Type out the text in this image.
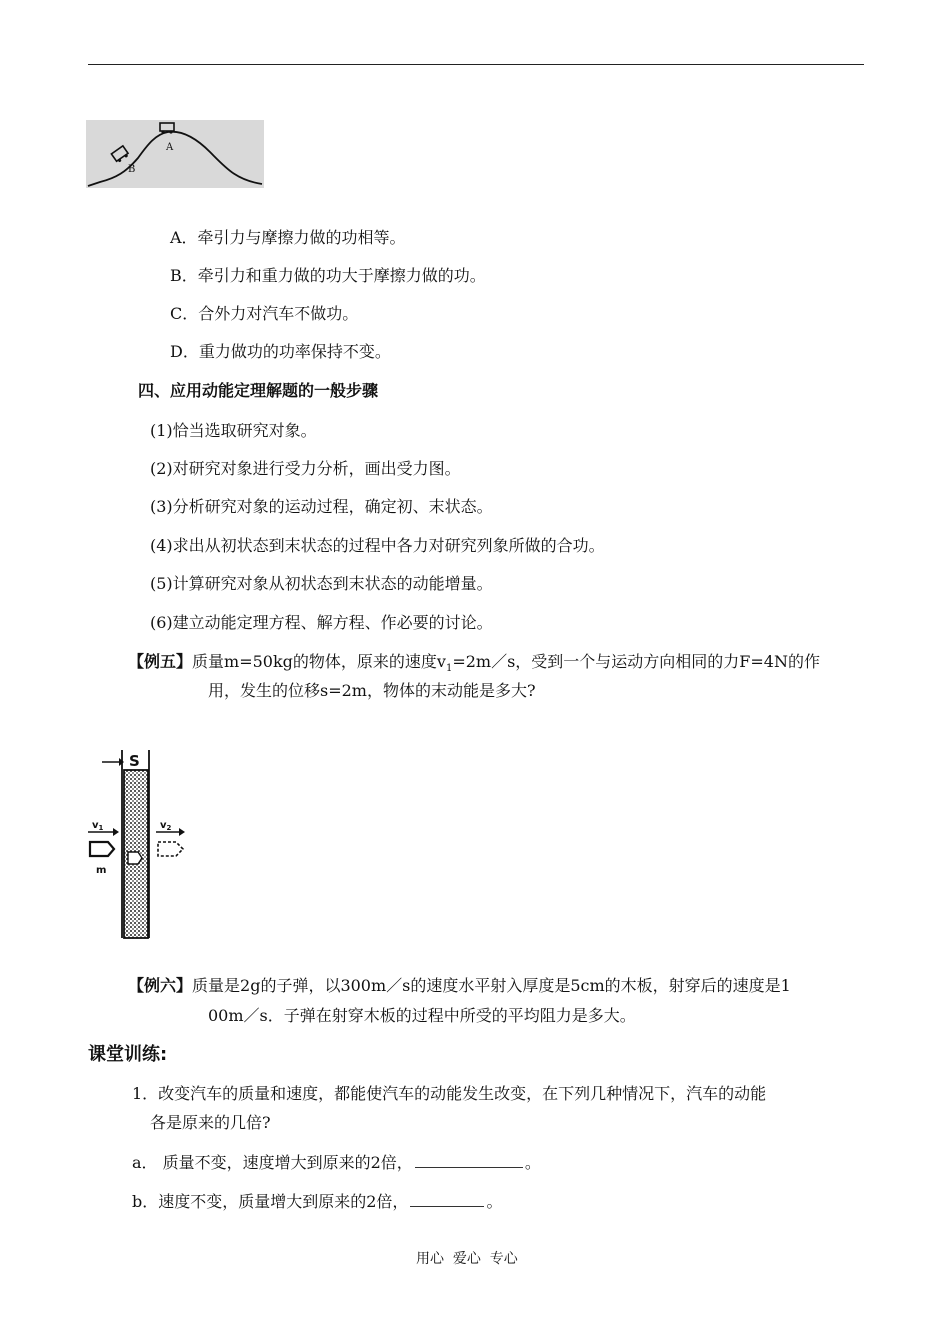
A
B
A．牵引力与摩擦力做的功相等。
B．牵引力和重力做的功大于摩擦力做的功。
C．合外力对汽车不做功。
D．重力做功的功率保持不变。
四、应用动能定理解题的一般步骤
(1)恰当选取研究对象。
(2)对研究对象进行受力分析，画出受力图。
(3)分析研究对象的运动过程，确定初、末状态。
(4)求出从初状态到末状态的过程中各力对研究列象所做的合功。
(5)计算研究对象从初状态到末状态的动能增量。
(6)建立动能定理方程、解方程、作必要的讨论。
【例五】质量m=50kg的物体，原来的速度$v_1=2m/s$，受到一个与运动方向相同的力F=4N的作
用，发生的位移s=2m，物体的末动能是多大?
S
$v_1$
m
$v_2$
【例六】质量是2g的子弹，以300m／s的速度水平射入厚度是5cm的木板，射穿后的速度是1
00m／s．子弹在射穿木板的过程中所受的平均阻力是多大。
课堂训练:
1．改变汽车的质量和速度，都能使汽车的动能发生改变，在下列几种情况下，汽车的动能
各是原来的几倍?
a． 质量不变，速度增大到原来的2倍，	。
b．速度不变，质量增大到原来的2倍，	。
用心  爱心  专心
